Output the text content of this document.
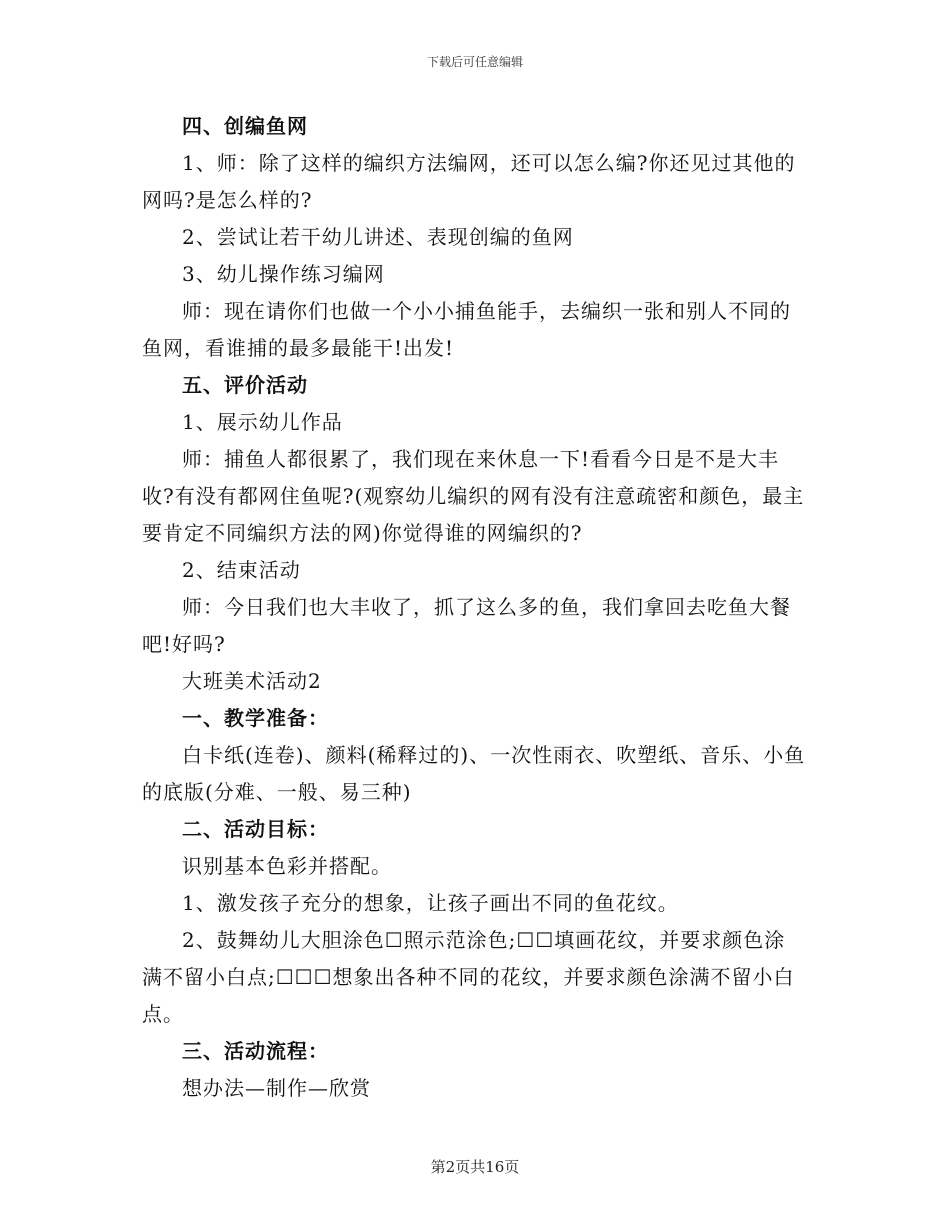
下载后可任意编辑

四、创编鱼网

1、师：除了这样的编织方法编网，还可以怎么编?你还见过其他的网吗?是怎么样的?

2、尝试让若干幼儿讲述、表现创编的鱼网

3、幼儿操作练习编网

师：现在请你们也做一个小小捕鱼能手，去编织一张和别人不同的鱼网，看谁捕的最多最能干!出发!

五、评价活动

1、展示幼儿作品

师：捕鱼人都很累了，我们现在来休息一下!看看今日是不是大丰收?有没有都网住鱼呢?(观察幼儿编织的网有没有注意疏密和颜色，最主要肯定不同编织方法的网)你觉得谁的网编织的?

2、结束活动

师：今日我们也大丰收了，抓了这么多的鱼，我们拿回去吃鱼大餐吧!好吗?

大班美术活动2

一、教学准备：

白卡纸(连卷)、颜料(稀释过的)、一次性雨衣、吹塑纸、音乐、小鱼的底版(分难、一般、易三种)

二、活动目标：

识别基本色彩并搭配。

1、激发孩子充分的想象，让孩子画出不同的鱼花纹。

2、鼓舞幼儿大胆涂色☐照示范涂色;☐☐填画花纹，并要求颜色涂满不留小白点;☐☐☐想象出各种不同的花纹，并要求颜色涂满不留小白点。

三、活动流程：

想办法—制作—欣赏

第2页共16页
